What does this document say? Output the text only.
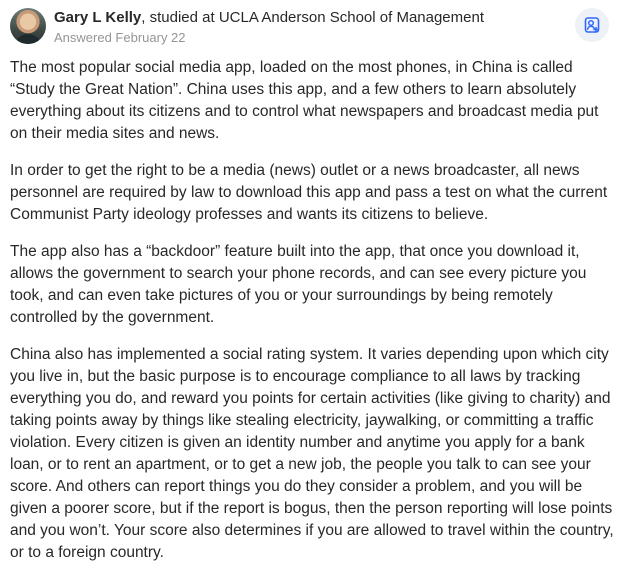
Gary L Kelly, studied at UCLA Anderson School of Management
Answered February 22

The most popular social media app, loaded on the most phones, in China is called “Study the Great Nation”. China uses this app, and a few others to learn absolutely everything about its citizens and to control what newspapers and broadcast media put on their media sites and news.

In order to get the right to be a media (news) outlet or a news broadcaster, all news personnel are required by law to download this app and pass a test on what the current Communist Party ideology professes and wants its citizens to believe.

The app also has a “backdoor” feature built into the app, that once you download it, allows the government to search your phone records, and can see every picture you took, and can even take pictures of you or your surroundings by being remotely controlled by the government.

China also has implemented a social rating system. It varies depending upon which city you live in, but the basic purpose is to encourage compliance to all laws by tracking everything you do, and reward you points for certain activities (like giving to charity) and taking points away by things like stealing electricity, jaywalking, or committing a traffic violation. Every citizen is given an identity number and anytime you apply for a bank loan, or to rent an apartment, or to get a new job, the people you talk to can see your score. And others can report things you do they consider a problem, and you will be given a poorer score, but if the report is bogus, then the person reporting will lose points and you won’t. Your score also determines if you are allowed to travel within the country, or to a foreign country.
